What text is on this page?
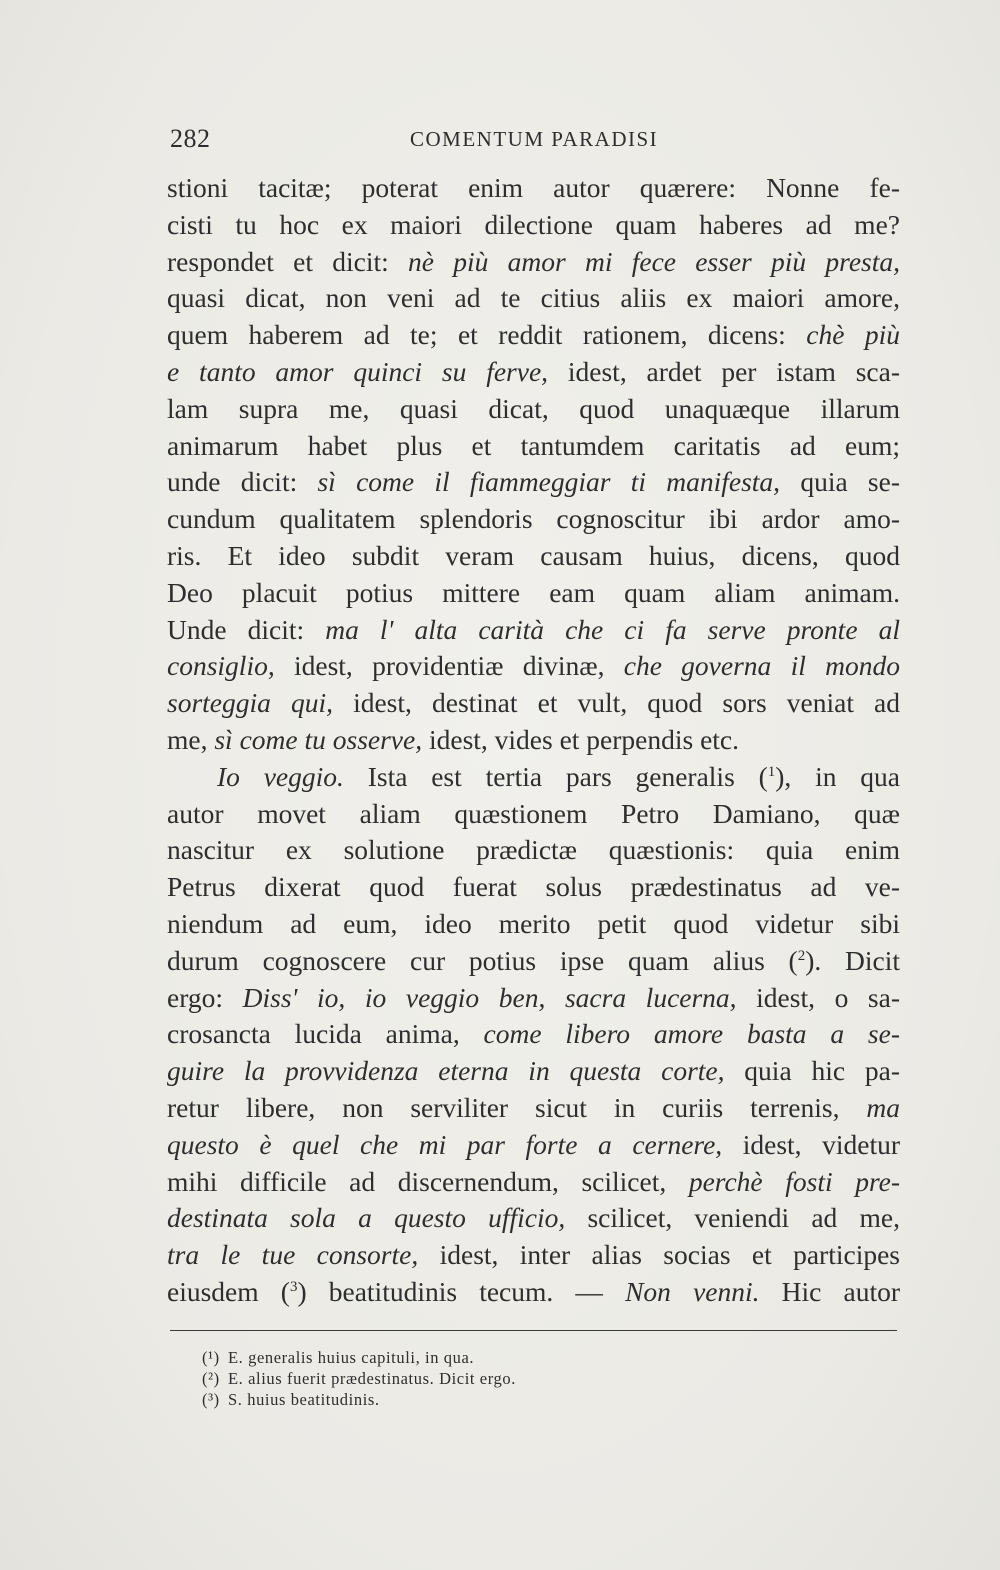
282	COMENTUM PARADISI
stioni tacitæ; poterat enim autor quærere: Nonne fe-
cisti tu hoc ex maiori dilectione quam haberes ad me?
respondet et dicit: nè più amor mi fece esser più presta,
quasi dicat, non veni ad te citius aliis ex maiori amore,
quem haberem ad te; et reddit rationem, dicens: chè più
e tanto amor quinci su ferve, idest, ardet per istam sca-
lam supra me, quasi dicat, quod unaquæque illarum
animarum habet plus et tantumdem caritatis ad eum;
unde dicit: sì come il fiammeggiar ti manifesta, quia se-
cundum qualitatem splendoris cognoscitur ibi ardor amo-
ris. Et ideo subdit veram causam huius, dicens, quod
Deo placuit potius mittere eam quam aliam animam.
Unde dicit: ma l' alta carità che ci fa serve pronte al
consiglio, idest, providentiæ divinæ, che governa il mondo
sorteggia qui, idest, destinat et vult, quod sors veniat ad
me, sì come tu osserve, idest, vides et perpendis etc.
Io veggio. Ista est tertia pars generalis ($^1$), in qua
autor movet aliam quæstionem Petro Damiano, quæ
nascitur ex solutione prædictæ quæstionis: quia enim
Petrus dixerat quod fuerat solus prædestinatus ad ve-
niendum ad eum, ideo merito petit quod videtur sibi
durum cognoscere cur potius ipse quam alius ($^2$). Dicit
ergo: Diss' io, io veggio ben, sacra lucerna, idest, o sa-
crosancta lucida anima, come libero amore basta a se-
guire la provvidenza eterna in questa corte, quia hic pa-
retur libere, non serviliter sicut in curiis terrenis, ma
questo è quel che mi par forte a cernere, idest, videtur
mihi difficile ad discernendum, scilicet, perchè fosti pre-
destinata sola a questo ufficio, scilicet, veniendi ad me,
tra le tue consorte, idest, inter alias socias et participes
eiusdem ($^3$) beatitudinis tecum. — Non venni. Hic autor
(¹) E. generalis huius capituli, in qua.
(²) E. alius fuerit prædestinatus. Dicit ergo.
(³) S. huius beatitudinis.
